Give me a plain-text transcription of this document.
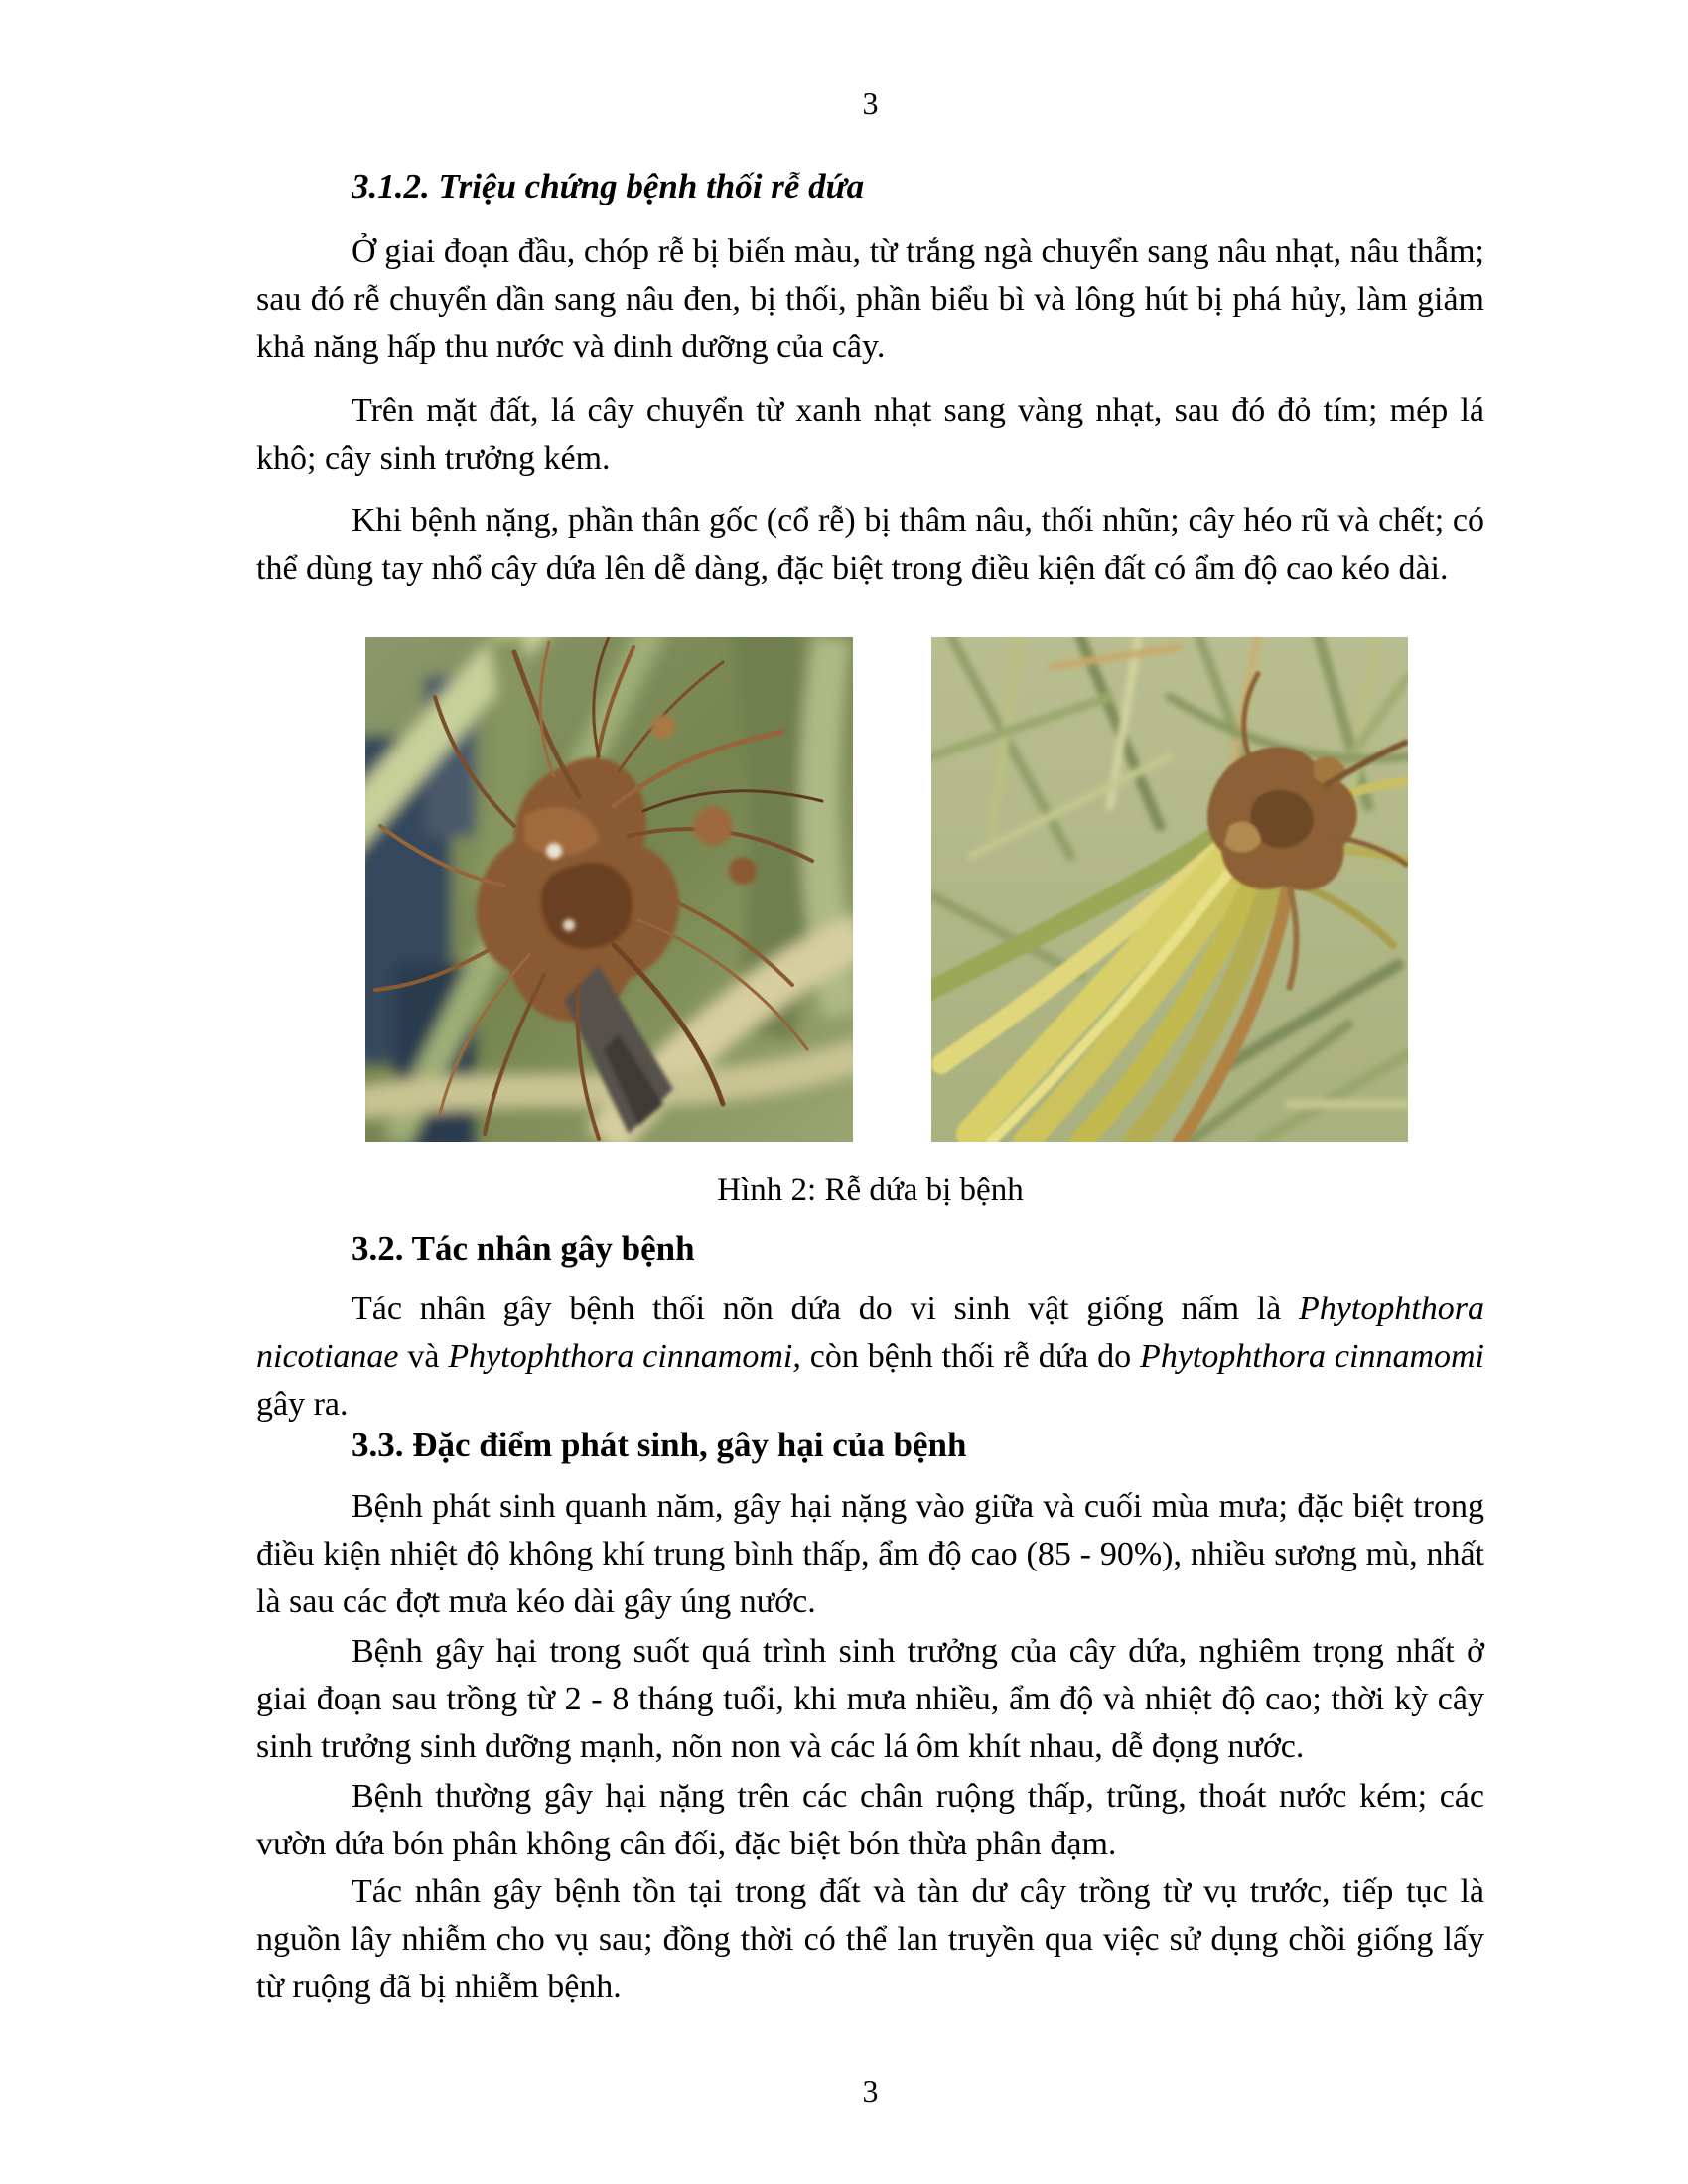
3
3.1.2. Triệu chứng bệnh thối rễ dứa

Ở giai đoạn đầu, chóp rễ bị biến màu, từ trắng ngà chuyển sang nâu nhạt, nâu thẫm; sau đó rễ chuyển dần sang nâu đen, bị thối, phần biểu bì và lông hút bị phá hủy, làm giảm khả năng hấp thu nước và dinh dưỡng của cây.

Trên mặt đất, lá cây chuyển từ xanh nhạt sang vàng nhạt, sau đó đỏ tím; mép lá khô; cây sinh trưởng kém.

Khi bệnh nặng, phần thân gốc (cổ rễ) bị thâm nâu, thối nhũn; cây héo rũ và chết; có thể dùng tay nhổ cây dứa lên dễ dàng, đặc biệt trong điều kiện đất có ẩm độ cao kéo dài.

Hình 2: Rễ dứa bị bệnh
3.2. Tác nhân gây bệnh

Tác nhân gây bệnh thối nõn dứa do vi sinh vật giống nấm là Phytophthora nicotianae và Phytophthora cinnamomi, còn bệnh thối rễ dứa do Phytophthora cinnamomi gây ra.

3.3. Đặc điểm phát sinh, gây hại của bệnh

Bệnh phát sinh quanh năm, gây hại nặng vào giữa và cuối mùa mưa; đặc biệt trong điều kiện nhiệt độ không khí trung bình thấp, ẩm độ cao (85 - 90%), nhiều sương mù, nhất là sau các đợt mưa kéo dài gây úng nước.

Bệnh gây hại trong suốt quá trình sinh trưởng của cây dứa, nghiêm trọng nhất ở giai đoạn sau trồng từ 2 - 8 tháng tuổi, khi mưa nhiều, ẩm độ và nhiệt độ cao; thời kỳ cây sinh trưởng sinh dưỡng mạnh, nõn non và các lá ôm khít nhau, dễ đọng nước.

Bệnh thường gây hại nặng trên các chân ruộng thấp, trũng, thoát nước kém; các vườn dứa bón phân không cân đối, đặc biệt bón thừa phân đạm.

Tác nhân gây bệnh tồn tại trong đất và tàn dư cây trồng từ vụ trước, tiếp tục là nguồn lây nhiễm cho vụ sau; đồng thời có thể lan truyền qua việc sử dụng chồi giống lấy từ ruộng đã bị nhiễm bệnh.

3
